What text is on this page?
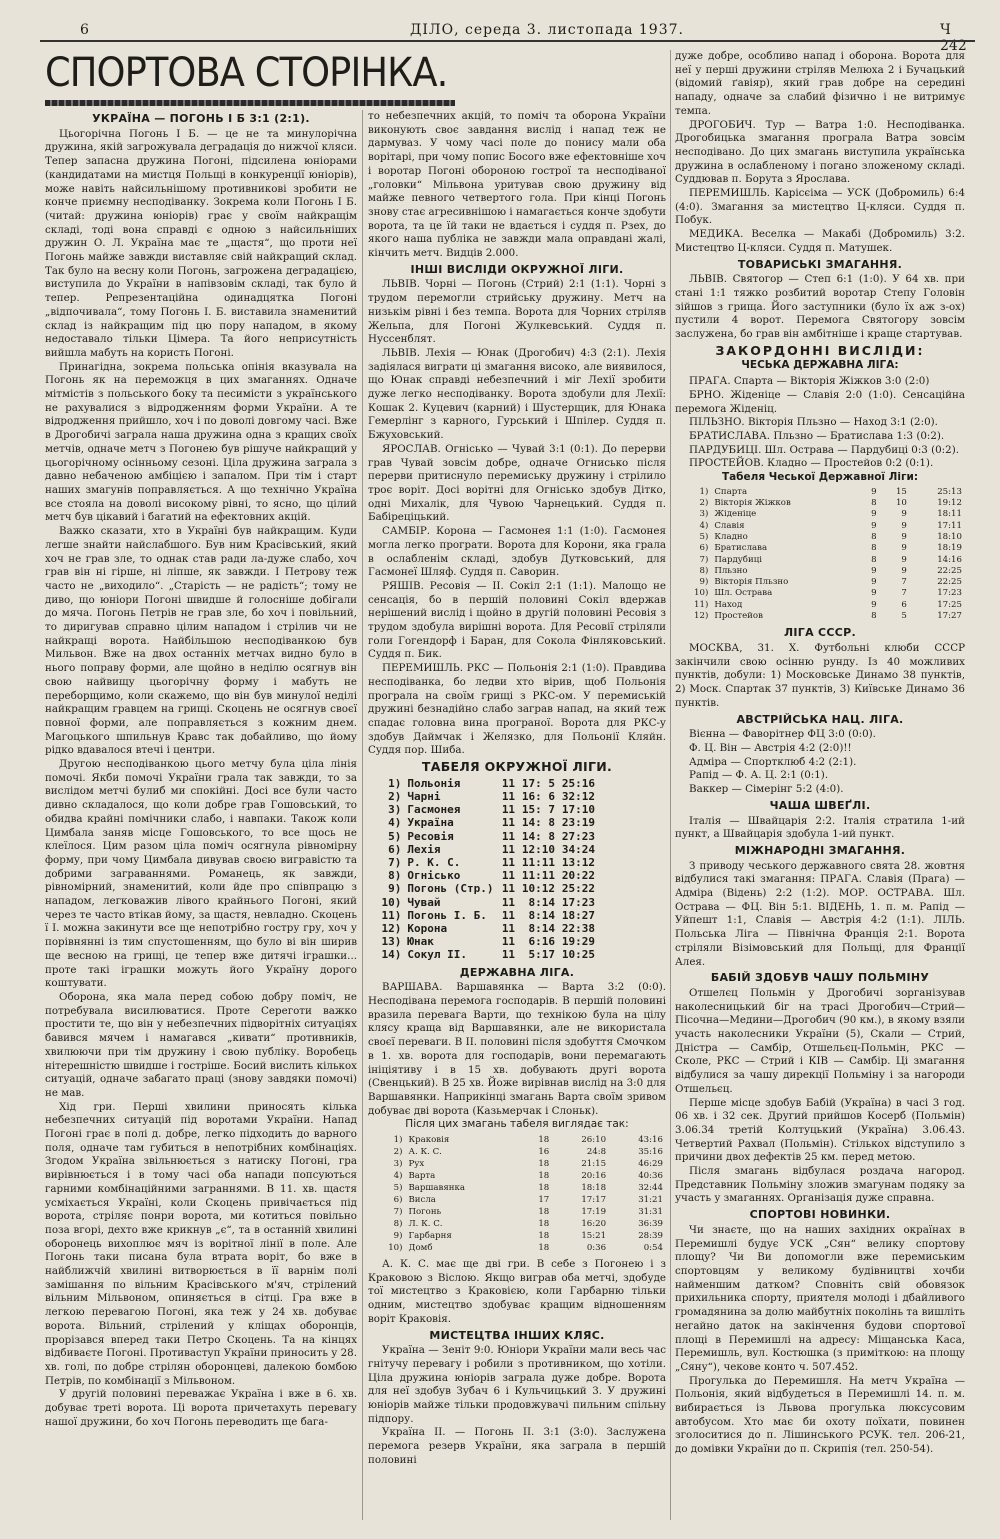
6	ДІЛО, середа 3. листопада 1937.	Ч 242
СПОРТОВА СТОРІНКА.
УКРАЇНА — ПОГОНЬ І Б 3:1 (2:1).

Цьогорічна Погонь І Б. — це не та минулорічна дружина, якій загрожувала деградація до нижчої кляси. Тепер запасна дружина Погоні, підсилена юніорами (кандидатами на мистця Польщі в конкуренції юніорів), може навіть найсильнішому противникові зробити не конче приємну несподіванку. Зокрема коли Погонь І Б. (читай: дружина юніорів) грає у своїм найкращім складі, тоді вона справді є одною з найсильніших дружин О. Л. Україна має те „щастя“, що проти неї Погонь майже завжди виставляє свій найкращий склад. Так було на весну коли Погонь, загрожена деградацією, виступила до України в напівзовім складі, так було й тепер. Репрезентаційна одинадцятка Погоні „відпочивала“, тому Погонь І. Б. виставила знаменитий склад із найкращим під цю пору нападом, в якому недоставало тільки Цімера. Та його неприсутність вийшла мабуть на користь Погоні.

Принагідна, зокрема польська опінія вказувала на Погонь як на переможця в цих змаганнях. Одначе мітмістів з польського боку та песимісти з українського не рахувалися з відродженням форми України. А те відродження прийшло, хоч і по доволі довгому часі. Вже в Дрогобичі заграла наша дружина одна з кращих своїх метчів, одначе метч з Погонею був рішуче найкращий у цьогорічному осінньому сезоні. Ціла дружина заграла з давно небаченою амбіцією і запалом. При тім і старт наших змагунів поправляється. А що технічно Україна все стояла на доволі високому рівні, то ясно, що цілий метч був цікавий і багатий на ефектовних акцій.

Важко сказати, хто в Україні був найкращим. Куди легше знайти найслабшого. Був ним Красівський, який хоч не грав зле, то однак став ради ла-дуже слабо, хоч грав він ні гірше, ні ліпше, як завжди. І Петрову теж часто не „виходило“. „Старість — не радість“; тому не диво, що юніори Погоні швидше й голосніше добігали до мяча. Погонь Петрів не грав зле, бо хоч і повільний, то диригував справно цілим нападом і стрілив чи не найкращі ворота. Найбільшою несподіванкою був Мильвон. Вже на двох останніх метчах видно було в нього поправу форми, але щойно в неділю осягнув він свою найвищу цьогорічну форму і мабуть не переборщимо, коли скажемо, що він був минулої неділі найкращим гравцем на грищі. Скоцень не осягнув своєї повної форми, але поправляється з кожним днем. Магоцького шпильнув Кравс так добайливо, що йому рідко вдавалося втечі і центри.

Другою несподіванкою цього метчу була ціла лінія помочі. Якби помочі України грала так завжди, то за вислідом метчі булиб ми спокійні. Досі все були часто дивно складалося, що коли добре грав Гошовський, то обидва крайні помічники слабо, і навпаки. Також коли Цимбала заняв місце Гошовського, то все щось не клеїлося. Цим разом ціла поміч осягнула рівномірну форму, при чому Цимбала дивував своєю вигравістю та добрими заграваннями. Романець, як завжди, рівномірний, знаменитий, коли йде про співпрацю з нападом, легковажив лівого крайнього Погоні, який через те часто втікав йому, за щастя, невладно. Скоцень ї І. можна закинути все ще непотрібно гостру гру, хоч у порівнянні із тим спустошенням, що було ві він ширив ще весною на грищі, це тепер вже дитячі іграшки... проте такі іграшки можуть його Україну дорого коштувати.

Оборона, яка мала перед собою добру поміч, не потребувала висилюватися. Проте Сереготи важко простити те, що він у небезпечних підворітніх ситуаціях бавився мячем і намагався „кивати“ противників, хвилюючи при тім дружину і свою публіку. Воробець нітерешністю швидше і гостріше. Босий вислить кількох ситуацій, одначе забагато праці (знову завдяки помочі) не мав.

Хід гри. Перші хвилини приносять кілька небезпечних ситуацій під воротами України. Напад Погоні грає в полі д. добре, легко підходить до варного поля, одначе там губиться в непотрібних комбінаціях. Згодом Україна звільнюється з натиску Погоні, гра вирівнюється і в тому часі оба напади попсуються гарними комбінаційними заграннями. В 11. хв. щастя усміхається Україні, коли Скоцень привічається під ворота, стріляє понри ворота, ми котиться повільно поза вгорі, дехто вже крикнув „є“, та в останній хвилині оборонець вихоплює мяч із ворітної лінії в поле. Але Погонь таки писана була втрата воріт, бо вже в найближчій хвилині витворюється в її варнім полі замішання по вільним Красівського м'яч, стрілений вільним Мільвоном, опиняється в сітці. Гра вже в легкою перевагою Погоні, яка теж у 24 хв. добуває ворота. Вільний, стрілений у кліщах оборонців, прорізався вперед таки Петро Скоцень. Та на кінцях відбиваєте Погоні. Противаступ України приносить у 28. хв. голі, по добре стрілян оборонцеві, далекою бомбою Петрів, по комбінації з Мільвоном.

У другій половині переважає Україна і вже в 6. хв. добуває треті ворота. Ці ворота причетахуть перевагу нашої дружини, бо хоч Погонь переводить ще бага-

то небезпечних акцій, то поміч та оборона України виконують своє завдання вислід і напад теж не дармуваз. У чому часі поле до понису мали оба ворітарі, при чому попис Босого вже ефектовніше хоч і воротар Погоні обороною гострої та несподіваної „головки“ Мільвона уритував свою дружину від майже певного четвертого гола. При кінці Погонь знову стає агресивнішою і намагається конче здобути ворота, та це їй таки не вдається і суддя п. Рзех, до якого наша публіка не завжди мала оправдані жалі, кінчить метч. Видців 2.000.

ІНШІ ВИСЛІДИ ОКРУЖНОЇ ЛІГИ.

ЛЬВІВ. Чорні — Погонь (Стрий) 2:1 (1:1). Чорні з трудом перемогли стрийську дружину. Метч на низькім рівні і без темпа. Ворота для Чорних стріляв Жельпа, для Погоні Жулкевський. Суддя п. Нуссенблят.

ЛЬВІВ. Лехія — Юнак (Дрогобич) 4:3 (2:1). Лехія задіялася виграти ці змагання високо, але виявилося, що Юнак справді небезпечний і міг Лехії зробити дуже легко несподіванку. Ворота здобули для Лехії: Кошак 2. Куцевич (карний) і Шустерщик, для Юнака Гемерлінг з карного, Гурський і Шпілер. Суддя п. Бжуховський.

ЯРОСЛАВ. Огнісько — Чувай 3:1 (0:1). До перерви грав Чувай зовсім добре, одначе Огнисько після перерви притиснуло перемиську дружину і стрілило троє воріт. Досі ворітні для Огнісько здобув Дітко, одні Михалік, для Чувою Чарнецький. Суддя п. Бабіреціцький.

САМБІР. Корона — Гасмонея 1:1 (1:0). Гасмонея могла легко програти. Ворота для Корони, яка грала в ослабленім складі, здобув Дутковський, для Гасмонеї Шляф. Суддя п. Саворин.

РЯШІВ. Ресовія — ІІ. Сокіл 2:1 (1:1). Малощо не сенсація, бо в першій половині Сокіл вдержав нерішений вислід і щойно в другій половині Ресовія з трудом здобула вирішні ворота. Для Ресовії стріляли голи Гогендорф і Баран, для Сокола Фінляковський. Суддя п. Бик.

ПЕРЕМИШЛЬ. РКС — Польонія 2:1 (1:0). Правдива несподіванка, бо ледви хто вірив, щоб Польонія програла на своїм грищі з РКС-ом. У перемиській дружині безнадійно слабо заграв напад, на який теж спадає головна вина програної. Ворота для РКС-у здобув Даймчак і Желязко, для Польонії Кляйн. Суддя пор. Шиба.

ТАБЕЛЯ ОКРУЖНОЇ ЛІГИ.
1)	Польонія	11	17: 5	25:16
2)	Чарні	11	16: 6	32:12
3)	Гасмонея	11	15: 7	17:10
4)	Україна	11	14: 8	23:19
5)	Ресовія	11	14: 8	27:23
6)	Лехія	11	12:10	34:24
7)	Р. К. С.	11	11:11	13:12
8)	Огнісько	11	11:11	20:22
9)	Погонь (Стр.)	11	10:12	25:22
10)	Чувай	11	8:14	17:23
11)	Погонь І. Б.	11	8:14	18:27
12)	Корона	11	8:14	22:38
13)	Юнак	11	6:16	19:29
14)	Сокул ІІ.	11	5:17	10:25
ДЕРЖАВНА ЛІГА.

ВАРШАВА. Варшавянка — Варта 3:2 (0:0). Несподівана перемога господарів. В першій половині вразила перевага Варти, що технікою була на цілу клясу краща від Варшавянки, але не використала своєї переваги. В ІІ. половині після здобуття Смочком в 1. хв. ворота для господарів, вони перемагають ініціятиву і в 15 хв. добувають другі ворота (Свенцький). В 25 хв. Йоже вирівнав вислід на 3:0 для Варшавянки. Наприкінці змагань Варта своїм зривом добуває дві ворота (Казьмерчак і Слоньк).

Після цих змагань табеля виглядає так:
1)	Краковія	18	26:10	43:16
2)	А. К. С.	16	24:8	35:16
3)	Рух	18	21:15	46:29
4)	Варта	18	20:16	40:36
5)	Варшавянка	18	18:18	32:44
6)	Висла	17	17:17	31:21
7)	Погонь	18	17:19	31:31
8)	Л. К. С.	18	16:20	36:39
9)	Гарбарня	18	15:21	28:39
10)	Домб	18	0:36	0:54

А. К. С. має ще дві гри. В себе з Погонею і з Краковою з Віслою. Якщо виграв оба метчі, здобуде тої мистецтво з Краковією, коли Гарбарню тільки одним, мистецтво здобуває кращим відношенням воріт Краковія.

МИСТЕЦТВА ІНШИХ КЛЯС.

Україна — Зеніт 9:0. Юніори України мали весь час гнітучу перевагу і робили з противником, що хотіли. Ціла дружина юніорів заграла дуже добре. Ворота для неї здобув Зубач 6 і Кульчицький 3. У дружині юніорів майже тільки продовжувачі пильним спільну підпору.

Україна ІІ. — Погонь ІІ. 3:1 (3:0). Заслужена перемога резерв України, яка заграла в першій половині

дуже добре, особливо напад і оборона. Ворота для неї у перші дружини стріляв Мелюха 2 і Бучацький (відомий ґавіяр), який грав добре на середині нападу, одначе за слабий фізично і не витримує темпа.

ДРОГОБИЧ. Тур — Ватра 1:0. Несподіванка. Дрогобицька змагання програла Ватра зовсім несподівано. До цих змагань виступила українська дружина в ослабленому і погано зложеному складі. Суддював п. Борута з Ярослава.

ПЕРЕМИШЛЬ. Карісєіма — УСК (Добромиль) 6:4 (4:0). Змагання за мистецтво Ц-кляси. Суддя п. Побук.

МЕДИКА. Веселка — Макабі (Добромиль) 3:2. Мистецтво Ц-кляси. Суддя п. Матушек.

ТОВАРИСЬКІ ЗМАГАННЯ.

ЛЬВІВ. Святогор — Степ 6:1 (1:0). У 64 хв. при стані 1:1 тяжко розбитий воротар Степу Головін зійшов з грища. Його заступники (було їх аж з-ох) пустили 4 ворот. Перемога Святогору зовсім заслужена, бо грав він амбітніше і краще стартував.

ЗАКОРДОННІ ВИСЛІДИ:
ЧЕСЬКА ДЕРЖАВНА ЛІГА:

ПРАГА. Спарта — Вікторія Жіжков 3:0 (2:0)

БРНО. Жіденіце — Славія 2:0 (1:0). Сенсаційна перемога Жіденіц.

ПІЛЬЗНО. Вікторія Пльзно — Наход 3:1 (2:0).

БРАТИСЛАВА. Пльзно — Братислава 1:3 (0:2).

ПАРДУБИЦІ. Шл. Острава — Пардубиці 0:3 (0:2).

ПРОСТЕЙОВ. Кладно — Простейов 0:2 (0:1).

Табеля Чеської Державної Ліги:
1)	Спарта	9	15	25:13
2)	Вікторія Жіжков	8	10	19:12
3)	Жіденіце	9	9	18:11
4)	Славія	9	9	17:11
5)	Кладно	8	9	18:10
6)	Братислава	8	9	18:19
7)	Пардубиці	8	9	14:16
8)	Пльзно	9	9	22:25
9)	Вікторія Пльзно	9	7	22:25
10)	Шл. Острава	9	7	17:23
11)	Наход	9	6	17:25
12)	Простейов	8	5	17:27
ЛІГА СССР.

МОСКВА, 31. X. Футбольні клюби СССР закінчили свою осінню рунду. Із 40 можливих пунктів, добули: 1) Московське Динамо 38 пунктів, 2) Моск. Спартак 37 пунктів, 3) Київське Динамо 36 пунктів.

АВСТРІЙСЬКА НАЦ. ЛІГА.

Вієнна — Фаворітнер ФЦ 3:0 (0:0).

Ф. Ц. Він — Австрія 4:2 (2:0)!!

Адміра — Спортклюб 4:2 (2:1).

Рапід — Ф. А. Ц. 2:1 (0:1).

Ваккер — Сімерінг 5:2 (4:0).

ЧАША ШВЕҐЛІ.

Італія — Швайцарія 2:2. Італія стратила 1-ий пункт, а Швайцарія здобула 1-ий пункт.

МІЖНАРОДНІ ЗМАГАННЯ.

З приводу чеського державного свята 28. жовтня відбулися такі змагання: ПРАГА. Славія (Прага) — Адміра (Відень) 2:2 (1:2). МОР. ОСТРАВА. Шл. Острава — ФЦ. Він 5:1. ВІДЕНЬ, 1. п. м. Рапід — Уйпешт 1:1, Славія — Австрія 4:2 (1:1). ЛІЛЬ. Польська Ліга — Північна Франція 2:1. Ворота стріляли Візімовський для Польщі, для Франції Алея.

БАБІЙ ЗДОБУВ ЧАШУ ПОЛЬМІНУ

Отшелєц Польмін у Дрогобичі зорганізував наколесницький біг на трасі Дрогобич—Стрий—Пісочна—Медини—Дрогобич (90 км.), в якому взяли участь наколесники України (5), Скали — Стрий, Дністра — Самбір, Отшельєц-Польмін, РКС — Сколе, РКС — Стрий і КІВ — Самбір. Ці змагання відбулися за чашу дирекції Польміну і за нагороди Отшельєц.

Перше місце здобув Бабій (Україна) в часі 3 год. 06 хв. і 32 сек. Другий прийшов Косерб (Польмін) 3.06.34 третій Колтуцький (Україна) 3.06.43. Четвертий Рахвал (Польмін). Стількох відступило з причини двох дефектів 25 км. перед метою.

Після змагань відбулася роздача нагород. Представник Польміну зложив змагунам подяку за участь у змаганнях. Організація дуже справна.

СПОРТОВІ НОВИНКИ.

Чи знаєте, що на наших західних окраїнах в Перемишлі будує УСК „Сян“ велику спортову площу? Чи Ви допомогли вже перемиським спортовцям у великому будівництві хочби найменшим датком? Сповніть свій обовязок прихильника спорту, приятеля молоді і дбайливого громадянина за долю майбутніх поколінь та вишліть негайно даток на закінчення будови спортової площі в Перемишлі на адресу: Міщанська Каса, Перемишль, вул. Костюшка (з приміткою: на площу „Сяну“), чекове конто ч. 507.452.

Прогулька до Перемишля. На метч Україна — Польонія, який відбудеться в Перемишлі 14. п. м. вибирається із Львова прогулька люксусовим автобусом. Хто має би охоту поїхати, повинен зголоситися до п. Лішинського РСУК. тел. 206-21, до домівки України до п. Скрипія (тел. 250-54).
